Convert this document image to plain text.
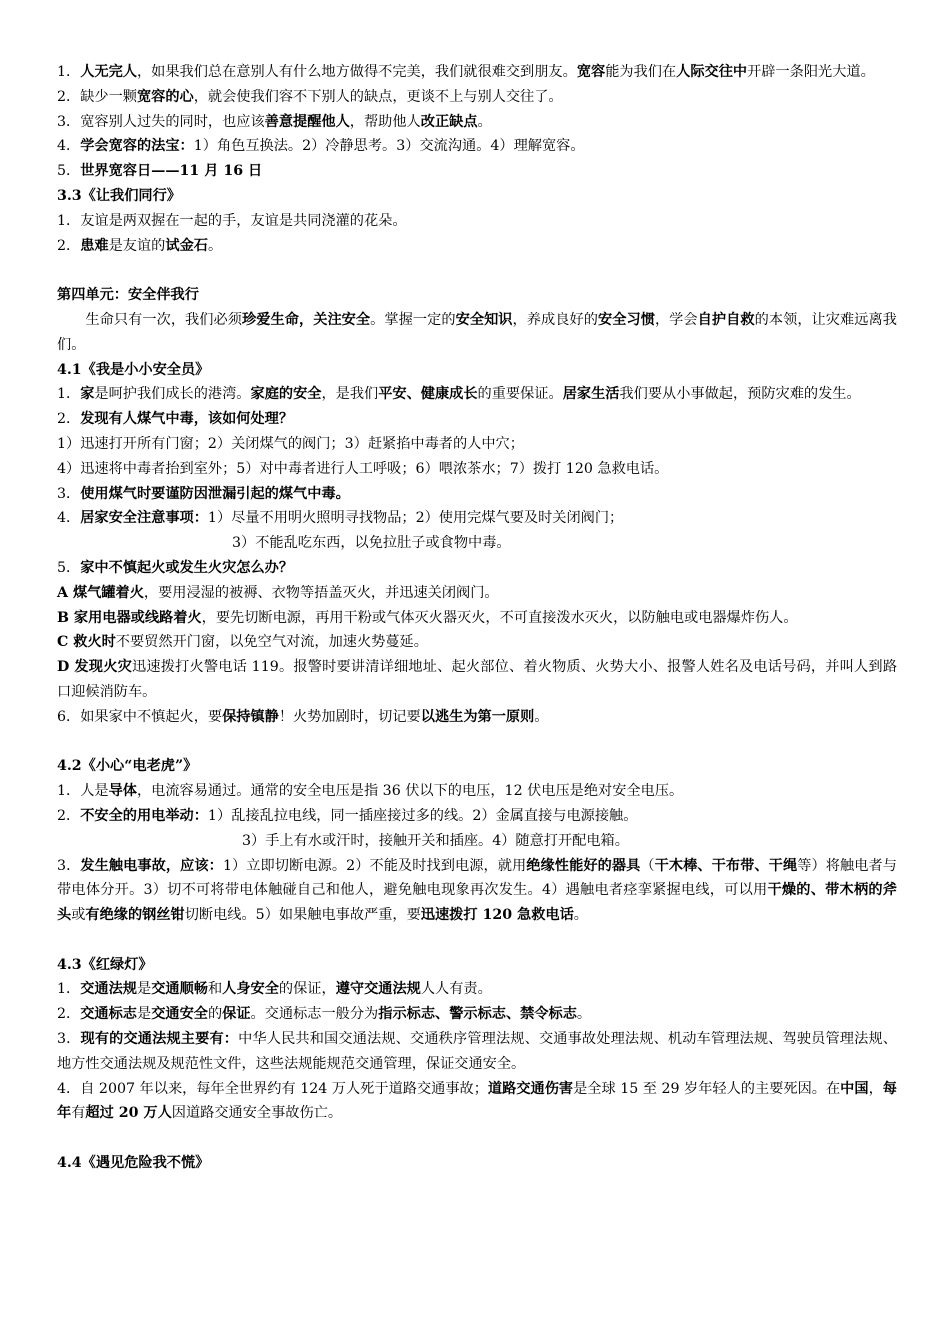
1．人无完人，如果我们总在意别人有什么地方做得不完美，我们就很难交到朋友。宽容能为我们在人际交往中开辟一条阳光大道。
2．缺少一颗宽容的心，就会使我们容不下别人的缺点，更谈不上与别人交往了。
3．宽容别人过失的同时，也应该善意提醒他人，帮助他人改正缺点。
4．学会宽容的法宝：1）角色互换法。2）冷静思考。3）交流沟通。4）理解宽容。
5．世界宽容日——11 月 16 日
3.3《让我们同行》
1．友谊是两双握在一起的手，友谊是共同浇灌的花朵。
2．患难是友谊的试金石。
第四单元：安全伴我行
生命只有一次，我们必须珍爱生命，关注安全。掌握一定的安全知识，养成良好的安全习惯，学会自护自救的本领，让灾难远离我们。
4.1《我是小小安全员》
1．家是呵护我们成长的港湾。家庭的安全，是我们平安、健康成长的重要保证。居家生活我们要从小事做起，预防灾难的发生。
2．发现有人煤气中毒，该如何处理？
1）迅速打开所有门窗；2）关闭煤气的阀门；3）赶紧掐中毒者的人中穴；
4）迅速将中毒者抬到室外；5）对中毒者进行人工呼吸；6）喂浓茶水；7）拨打 120 急救电话。
3．使用煤气时要谨防因泄漏引起的煤气中毒。
4．居家安全注意事项：1）尽量不用明火照明寻找物品；2）使用完煤气要及时关闭阀门；
3）不能乱吃东西，以免拉肚子或食物中毒。
5．家中不慎起火或发生火灾怎么办？
A 煤气罐着火，要用浸湿的被褥、衣物等捂盖灭火，并迅速关闭阀门。
B 家用电器或线路着火，要先切断电源，再用干粉或气体灭火器灭火，不可直接泼水灭火，以防触电或电器爆炸伤人。
C 救火时不要贸然开门窗，以免空气对流，加速火势蔓延。
D 发现火灾迅速拨打火警电话 119。报警时要讲清详细地址、起火部位、着火物质、火势大小、报警人姓名及电话号码，并叫人到路口迎候消防车。
6．如果家中不慎起火，要保持镇静！火势加剧时，切记要以逃生为第一原则。
4.2《小心“电老虎”》
1．人是导体，电流容易通过。通常的安全电压是指 36 伏以下的电压，12 伏电压是绝对安全电压。
2．不安全的用电举动：1）乱接乱拉电线，同一插座接过多的线。2）金属直接与电源接触。
3）手上有水或汗时，接触开关和插座。4）随意打开配电箱。
3．发生触电事故，应该：1）立即切断电源。2）不能及时找到电源，就用绝缘性能好的器具（干木棒、干布带、干绳等）将触电者与带电体分开。3）切不可将带电体触碰自己和他人，避免触电现象再次发生。4）遇触电者痉挛紧握电线，可以用干燥的、带木柄的斧头或有绝缘的钢丝钳切断电线。5）如果触电事故严重，要迅速拨打 120 急救电话。
4.3《红绿灯》
1．交通法规是交通顺畅和人身安全的保证，遵守交通法规人人有责。
2．交通标志是交通安全的保证。交通标志一般分为指示标志、警示标志、禁令标志。
3．现有的交通法规主要有：中华人民共和国交通法规、交通秩序管理法规、交通事故处理法规、机动车管理法规、驾驶员管理法规、地方性交通法规及规范性文件，这些法规能规范交通管理，保证交通安全。
4．自 2007 年以来，每年全世界约有 124 万人死于道路交通事故；道路交通伤害是全球 15 至 29 岁年轻人的主要死因。在中国，每年有超过 20 万人因道路交通安全事故伤亡。
4.4《遇见危险我不慌》
